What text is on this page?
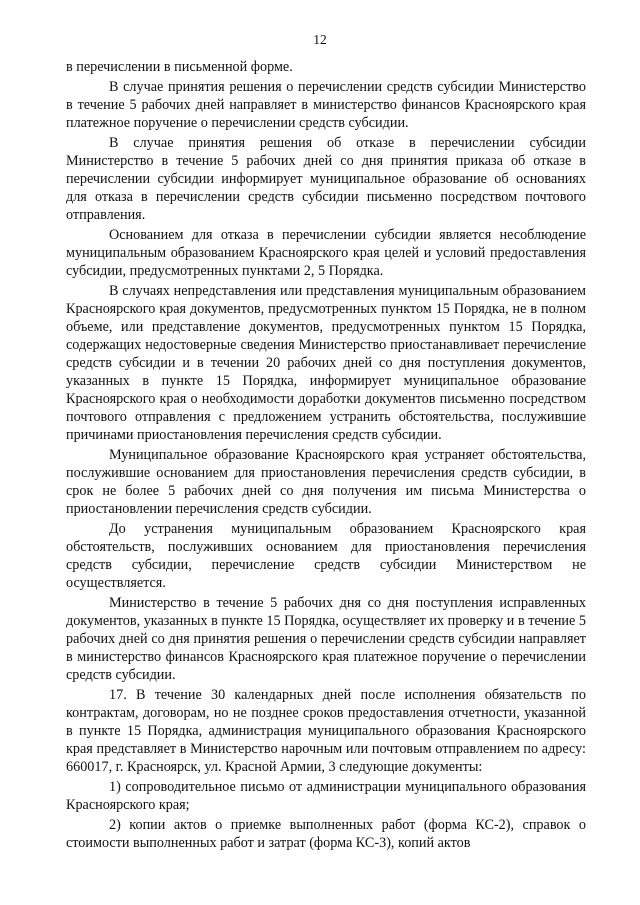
12

в перечислении в письменной форме.

В случае принятия решения о перечислении средств субсидии Министерство в течение 5 рабочих дней направляет в министерство финансов Красноярского края платежное поручение о перечислении средств субсидии.

В случае принятия решения об отказе в перечислении субсидии Министерство в течение 5 рабочих дней со дня принятия приказа об отказе в перечислении субсидии информирует муниципальное образование об основаниях для отказа в перечислении средств субсидии письменно посредством почтового отправления.

Основанием для отказа в перечислении субсидии является несоблюдение муниципальным образованием Красноярского края целей и условий предоставления субсидии, предусмотренных пунктами 2, 5 Порядка.

В случаях непредставления или представления муниципальным образованием Красноярского края документов, предусмотренных пунктом 15 Порядка, не в полном объеме, или представление документов, предусмотренных пунктом 15 Порядка, содержащих недостоверные сведения Министерство приостанавливает перечисление средств субсидии и в течении 20 рабочих дней со дня поступления документов, указанных в пункте 15 Порядка, информирует муниципальное образование Красноярского края о необходимости доработки документов письменно посредством почтового отправления с предложением устранить обстоятельства, послужившие причинами приостановления перечисления средств субсидии.

Муниципальное образование Красноярского края устраняет обстоятельства, послужившие основанием для приостановления перечисления средств субсидии, в срок не более 5 рабочих дней со дня получения им письма Министерства о приостановлении перечисления средств субсидии.

До устранения муниципальным образованием Красноярского края обстоятельств, послуживших основанием для приостановления перечисления средств субсидии, перечисление средств субсидии Министерством не осуществляется.

Министерство в течение 5 рабочих дня со дня поступления исправленных документов, указанных в пункте 15 Порядка, осуществляет их проверку и в течение 5 рабочих дней со дня принятия решения о перечислении средств субсидии направляет в министерство финансов Красноярского края платежное поручение о перечислении средств субсидии.

17. В течение 30 календарных дней после исполнения обязательств по контрактам, договорам, но не позднее сроков предоставления отчетности, указанной в пункте 15 Порядка, администрация муниципального образования Красноярского края представляет в Министерство нарочным или почтовым отправлением по адресу: 660017, г. Красноярск, ул. Красной Армии, 3 следующие документы:

1) сопроводительное письмо от администрации муниципального образования Красноярского края;

2) копии актов о приемке выполненных работ (форма КС-2), справок о стоимости выполненных работ и затрат (форма КС-3), копий актов
